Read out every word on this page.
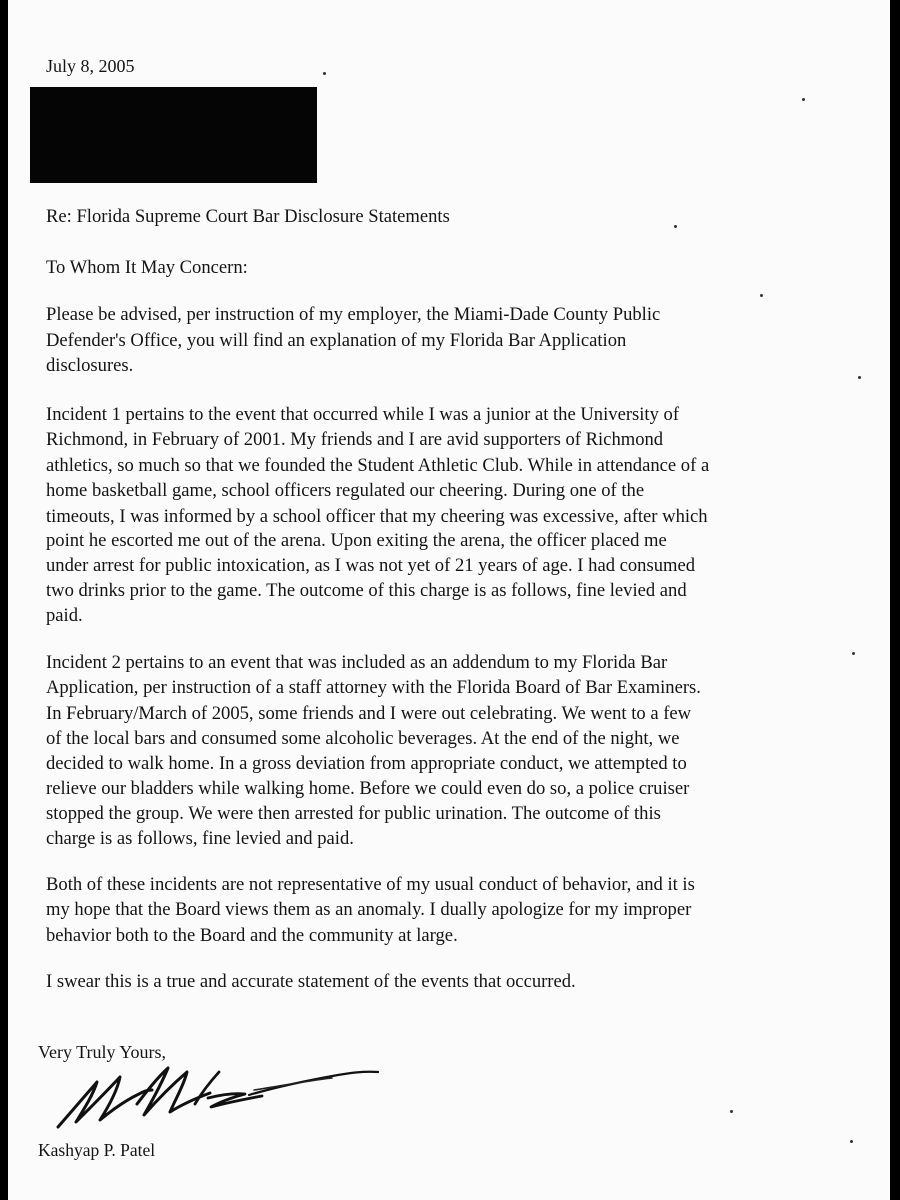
July 8, 2005
Re: Florida Supreme Court Bar Disclosure Statements
To Whom It May Concern:
Please be advised, per instruction of my employer, the Miami-Dade County Public
Defender's Office, you will find an explanation of my Florida Bar Application
disclosures.
Incident 1 pertains to the event that occurred while I was a junior at the University of
Richmond, in February of 2001. My friends and I are avid supporters of Richmond
athletics, so much so that we founded the Student Athletic Club. While in attendance of a
home basketball game, school officers regulated our cheering. During one of the
timeouts, I was informed by a school officer that my cheering was excessive, after which
point he escorted me out of the arena. Upon exiting the arena, the officer placed me
under arrest for public intoxication, as I was not yet of 21 years of age. I had consumed
two drinks prior to the game. The outcome of this charge is as follows, fine levied and
paid.
Incident 2 pertains to an event that was included as an addendum to my Florida Bar
Application, per instruction of a staff attorney with the Florida Board of Bar Examiners.
In February/March of 2005, some friends and I were out celebrating. We went to a few
of the local bars and consumed some alcoholic beverages. At the end of the night, we
decided to walk home. In a gross deviation from appropriate conduct, we attempted to
relieve our bladders while walking home. Before we could even do so, a police cruiser
stopped the group. We were then arrested for public urination. The outcome of this
charge is as follows, fine levied and paid.
Both of these incidents are not representative of my usual conduct of behavior, and it is
my hope that the Board views them as an anomaly. I dually apologize for my improper
behavior both to the Board and the community at large.
I swear this is a true and accurate statement of the events that occurred.
Very Truly Yours,
Kashyap P. Patel
